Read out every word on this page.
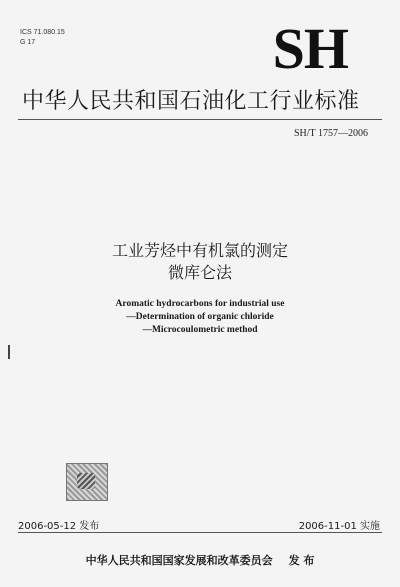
ICS 71.080.15
G 17	SH
中华人民共和国石油化工行业标准
SH/T 1757—2006
工业芳烃中有机氯的测定
微库仑法
Aromatic hydrocarbons for industrial use
—Determination of organic chloride
—Microcoulometric method
2006-05-12 发布	2006-11-01 实施
中华人民共和国国家发展和改革委员会 发 布
